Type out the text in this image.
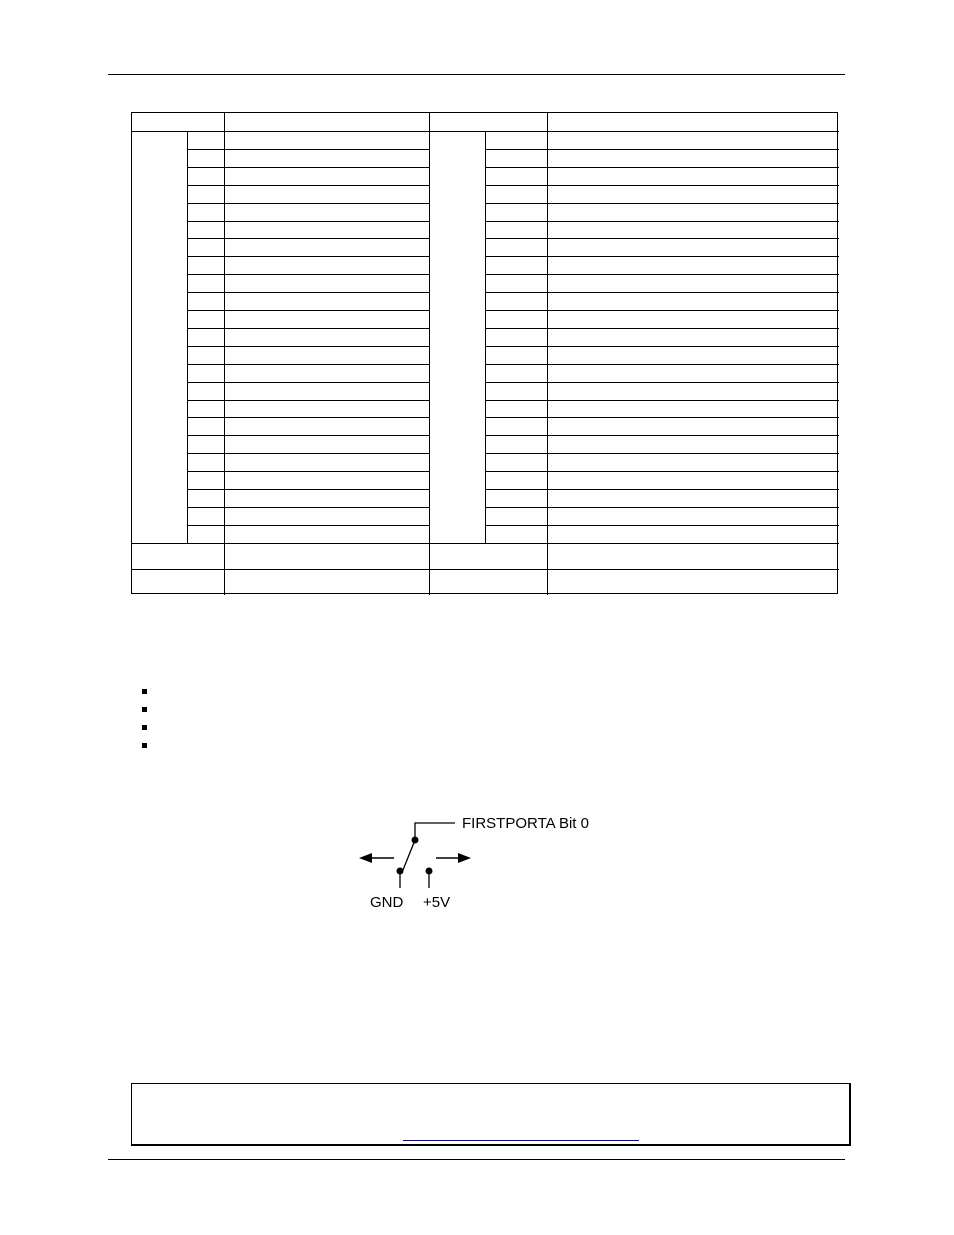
FIRSTPORTA Bit 0
GND +5V
